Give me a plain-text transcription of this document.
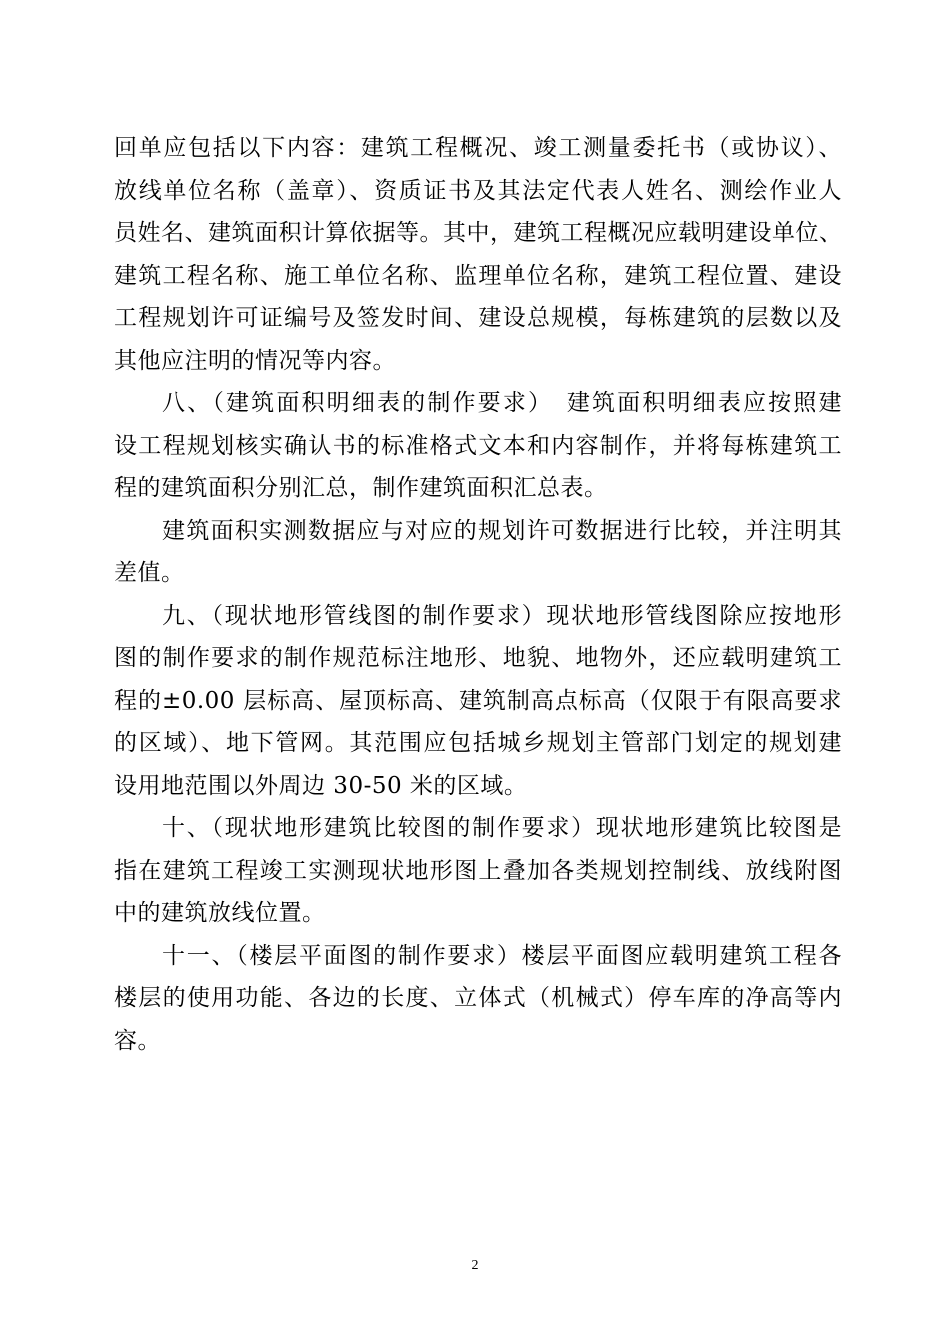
回单应包括以下内容：建筑工程概况、竣工测量委托书（或协议）、
放线单位名称（盖章）、资质证书及其法定代表人姓名、测绘作业人
员姓名、建筑面积计算依据等。其中，建筑工程概况应载明建设单位、
建筑工程名称、施工单位名称、监理单位名称，建筑工程位置、建设
工程规划许可证编号及签发时间、建设总规模，每栋建筑的层数以及
其他应注明的情况等内容。
八、（建筑面积明细表的制作要求）　建筑面积明细表应按照建
设工程规划核实确认书的标准格式文本和内容制作，并将每栋建筑工
程的建筑面积分别汇总，制作建筑面积汇总表。
建筑面积实测数据应与对应的规划许可数据进行比较，并注明其
差值。
九、（现状地形管线图的制作要求）现状地形管线图除应按地形
图的制作要求的制作规范标注地形、地貌、地物外，还应载明建筑工
程的±0.00 层标高、屋顶标高、建筑制高点标高（仅限于有限高要求
的区域）、地下管网。其范围应包括城乡规划主管部门划定的规划建
设用地范围以外周边 30-50 米的区域。
十、（现状地形建筑比较图的制作要求）现状地形建筑比较图是
指在建筑工程竣工实测现状地形图上叠加各类规划控制线、放线附图
中的建筑放线位置。
十一、（楼层平面图的制作要求）楼层平面图应载明建筑工程各
楼层的使用功能、各边的长度、立体式（机械式）停车库的净高等内
容。
2
